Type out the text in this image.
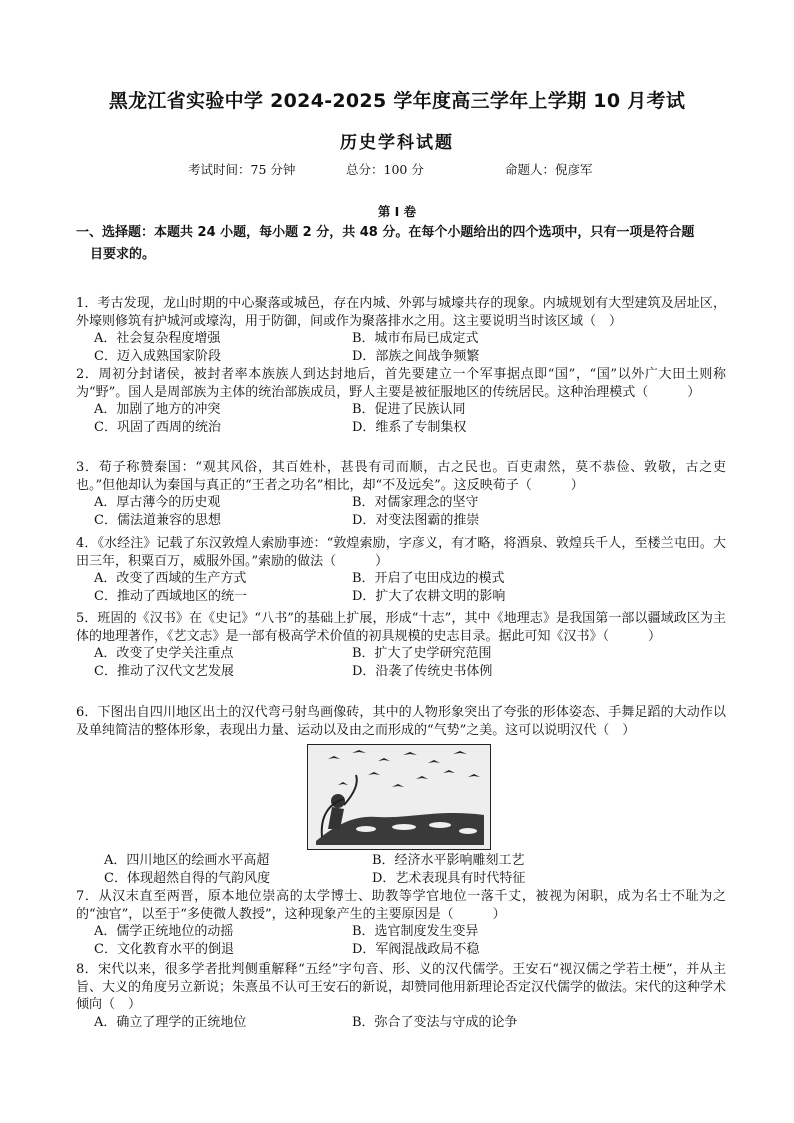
黑龙江省实验中学 2024-2025 学年度高三学年上学期 10 月考试
历史学科试题
考试时间：75 分钟	总分：100 分	命题人：倪彦军
第 Ⅰ 卷
一、选择题：本题共 24 小题，每小题 2 分，共 48 分。在每个小题给出的四个选项中，只有一项是符合题
目要求的。
1．考古发现，龙山时期的中心聚落或城邑，存在内城、外郭与城壕共存的现象。内城规划有大型建筑及居址区，外壕则修筑有护城河或壕沟，用于防御，间或作为聚落排水之用。这主要说明当时该区域（　）
A．社会复杂程度增强	B．城市布局已成定式
C．迈入成熟国家阶段	D．部族之间战争频繁
2．周初分封诸侯，被封者率本族族人到达封地后，首先要建立一个军事据点即“国”，“国”以外广大田土则称为“野”。国人是周部族为主体的统治部族成员，野人主要是被征服地区的传统居民。这种治理模式（　　　）
A．加剧了地方的冲突	B．促进了民族认同
C．巩固了西周的统治	D．维系了专制集权
3．荀子称赞秦国：“观其风俗，其百姓朴，甚畏有司而顺，古之民也。百吏肃然，莫不恭俭、敦敬，古之吏也。”但他却认为秦国与真正的“王者之功名”相比，却“不及远矣”。这反映荀子（　　　）
A．厚古薄今的历史观	B．对儒家理念的坚守
C．儒法道兼容的思想	D．对变法图霸的推崇
4．《水经注》记载了东汉敦煌人索励事迹：“敦煌索励，字彦义，有才略，将酒泉、敦煌兵千人，至楼兰屯田。大田三年，积粟百万，威服外国。”索励的做法（　　　）
A．改变了西域的生产方式	B．开启了屯田戍边的模式
C．推动了西域地区的统一	D．扩大了农耕文明的影响
5．班固的《汉书》在《史记》“八书”的基础上扩展，形成“十志”，其中《地理志》是我国第一部以疆域政区为主体的地理著作，《艺文志》是一部有极高学术价值的初具规模的史志目录。据此可知《汉书》（　　　）
A．改变了史学关注重点	B．扩大了史学研究范围
C．推动了汉代文艺发展	D．沿袭了传统史书体例
6．下图出自四川地区出土的汉代弯弓射鸟画像砖，其中的人物形象突出了夸张的形体姿态、手舞足蹈的大动作以及单纯简洁的整体形象，表现出力量、运动以及由之而形成的“气势”之美。这可以说明汉代（　）
A．四川地区的绘画水平高超	B．经济水平影响雕刻工艺
C．体现超然自得的气韵风度	D．艺术表现具有时代特征
7．从汉末直至两晋，原本地位崇高的太学博士、助教等学官地位一落千丈，被视为闲职，成为名士不耻为之的“浊官”，以至于“多使微人教授”，这种现象产生的主要原因是（　　　）
A．儒学正统地位的动摇	B．选官制度发生变异
C．文化教育水平的倒退	D．军阀混战政局不稳
8．宋代以来，很多学者批判侧重解释“五经”字句音、形、义的汉代儒学。王安石“视汉儒之学若土梗”，并从主旨、大义的角度另立新说；朱熹虽不认可王安石的新说，却赞同他用新理论否定汉代儒学的做法。宋代的这种学术倾向（　）
A．确立了理学的正统地位	B．弥合了变法与守成的论争
